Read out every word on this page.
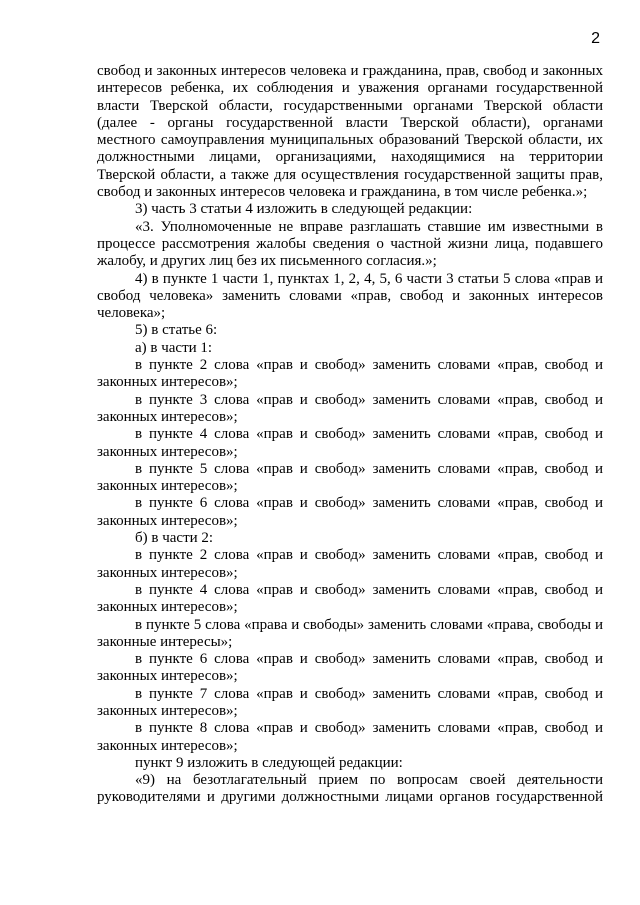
2

свобод и законных интересов человека и гражданина, прав, свобод и законных интересов ребенка, их соблюдения и уважения органами государственной власти Тверской области, государственными органами Тверской области (далее - органы государственной власти Тверской области), органами местного самоуправления муниципальных образований Тверской области, их должностными лицами, организациями, находящимися на территории Тверской области, а также для осуществления государственной защиты прав, свобод и законных интересов человека и гражданина, в том числе ребенка.»;

3) часть 3 статьи 4 изложить в следующей редакции:

«3. Уполномоченные не вправе разглашать ставшие им известными в процессе рассмотрения жалобы сведения о частной жизни лица, подавшего жалобу, и других лиц без их письменного согласия.»;

4) в пункте 1 части 1, пунктах 1, 2, 4, 5, 6 части 3 статьи 5 слова «прав и свобод человека» заменить словами «прав, свобод и законных интересов человека»;

5) в статье 6:

а) в части 1:

в пункте 2 слова «прав и свобод» заменить словами «прав, свобод и законных интересов»;

в пункте 3 слова «прав и свобод» заменить словами «прав, свобод и законных интересов»;

в пункте 4 слова «прав и свобод» заменить словами «прав, свобод и законных интересов»;

в пункте 5 слова «прав и свобод» заменить словами «прав, свобод и законных интересов»;

в пункте 6 слова «прав и свобод» заменить словами «прав, свобод и законных интересов»;

б) в части 2:

в пункте 2 слова «прав и свобод» заменить словами «прав, свобод и законных интересов»;

в пункте 4 слова «прав и свобод» заменить словами «прав, свобод и законных интересов»;

в пункте 5 слова «права и свободы» заменить словами «права, свободы и законные интересы»;

в пункте 6 слова «прав и свобод» заменить словами «прав, свобод и законных интересов»;

в пункте 7 слова «прав и свобод» заменить словами «прав, свобод и законных интересов»;

в пункте 8 слова «прав и свобод» заменить словами «прав, свобод и законных интересов»;

пункт 9 изложить в следующей редакции:

«9) на безотлагательный прием по вопросам своей деятельности руководителями и другими должностными лицами органов государственной
